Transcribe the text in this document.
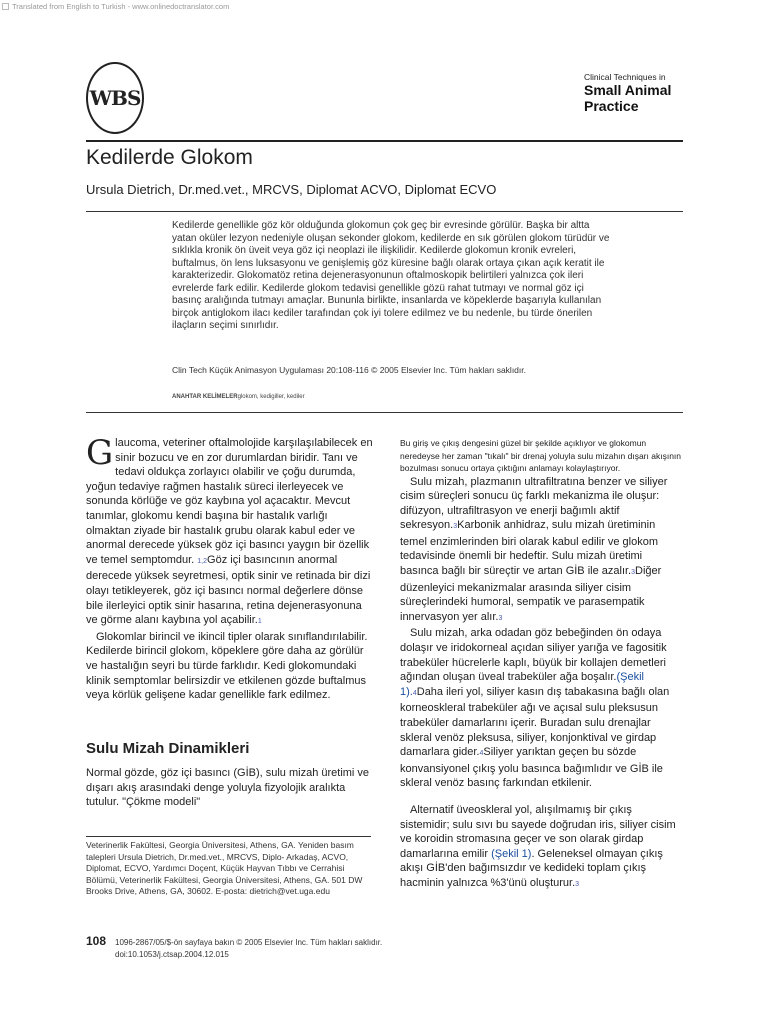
Translated from English to Turkish - www.onlinedoctranslator.com
WBS
Clinical Techniques in
Small Animal
Practice
Kedilerde Glokom
Ursula Dietrich, Dr.med.vet., MRCVS, Diplomat ACVO, Diplomat ECVO
Kedilerde genellikle göz kör olduğunda glokomun çok geç bir evresinde görülür. Başka bir altta yatan oküler lezyon nedeniyle oluşan sekonder glokom, kedilerde en sık görülen glokom türüdür ve sıklıkla kronik ön üveit veya göz içi neoplazi ile ilişkilidir. Kedilerde glokomun kronik evreleri, buftalmus, ön lens luksasyonu ve genişlemiş göz küresine bağlı olarak ortaya çıkan açık keratit ile karakterizedir. Glokomatöz retina dejenerasyonunun oftalmoskopik belirtileri yalnızca çok ileri evrelerde fark edilir. Kedilerde glokom tedavisi genellikle gözü rahat tutmayı ve normal göz içi basınç aralığında tutmayı amaçlar. Bununla birlikte, insanlarda ve köpeklerde başarıyla kullanılan birçok antiglokom ilacı kediler tarafından çok iyi tolere edilmez ve bu nedenle, bu türde önerilen ilaçların seçimi sınırlıdır.
Clin Tech Küçük Animasyon Uygulaması 20:108-116 © 2005 Elsevier Inc. Tüm hakları saklıdır.
ANAHTAR KELİMELERglokom, kedigiller, kediler

Glaucoma, veteriner oftalmolojide karşılaşılabilecek en sinir bozucu ve en zor durumlardan biridir. Tanı ve tedavi oldukça zorlayıcı olabilir ve çoğu durumda, yoğun tedaviye rağmen hastalık süreci ilerleyecek ve sonunda körlüğe ve göz kaybına yol açacaktır. Mevcut tanımlar, glokomu kendi başına bir hastalık varlığı olmaktan ziyade bir hastalık grubu olarak kabul eder ve anormal derecede yüksek göz içi basıncı yaygın bir özellik ve temel semptomdur. 1,2Göz içi basıncının anormal derecede yüksek seyretmesi, optik sinir ve retinada bir dizi olayı tetikleyerek, göz içi basıncı normal değerlere dönse bile ilerleyici optik sinir hasarına, retina dejenerasyonuna ve görme alanı kaybına yol açabilir.1

Glokomlar birincil ve ikincil tipler olarak sınıflandırılabilir. Kedilerde birincil glokom, köpeklere göre daha az görülür ve hastalığın seyri bu türde farklıdır. Kedi glokomundaki klinik semptomlar belirsizdir ve etkilenen gözde buftalmus veya körlük gelişene kadar genellikle fark edilmez.

Sulu Mizah Dinamikleri
Normal gözde, göz içi basıncı (GİB), sulu mizah üretimi ve dışarı akış arasındaki denge yoluyla fizyolojik aralıkta tutulur. "Çökme modeli"
Veterinerlik Fakültesi, Georgia Üniversitesi, Athens, GA. Yeniden basım talepleri Ursula Dietrich, Dr.med.vet., MRCVS, Diplo- Arkadaş, ACVO, Diplomat, ECVO, Yardımcı Doçent, Küçük Hayvan Tıbbı ve Cerrahisi Bölümü, Veterinerlik Fakültesi, Georgia Üniversitesi, Athens, GA. 501 DW Brooks Drive, Athens, GA, 30602. E-posta: dietrich@vet.uga.edu

Bu giriş ve çıkış dengesini güzel bir şekilde açıklıyor ve glokomun neredeyse her zaman "tıkalı" bir drenaj yoluyla sulu mizahın dışarı akışının bozulması sonucu ortaya çıktığını anlamayı kolaylaştırıyor.

Sulu mizah, plazmanın ultrafiltratına benzer ve siliyer cisim süreçleri sonucu üç farklı mekanizma ile oluşur: difüzyon, ultrafiltrasyon ve enerji bağımlı aktif sekresyon.3Karbonik anhidraz, sulu mizah üretiminin temel enzimlerinden biri olarak kabul edilir ve glokom tedavisinde önemli bir hedeftir. Sulu mizah üretimi basınca bağlı bir süreçtir ve artan GİB ile azalır.3Diğer düzenleyici mekanizmalar arasında siliyer cisim süreçlerindeki humoral, sempatik ve parasempatik innervasyon yer alır.3

Sulu mizah, arka odadan göz bebeğinden ön odaya dolaşır ve iridokorneal açıdan siliyer yarığa ve fagositik trabeküler hücrelerle kaplı, büyük bir kollajen demetleri ağından oluşan üveal trabeküler ağa boşalır.(Şekil 1).4Daha ileri yol, siliyer kasın dış tabakasına bağlı olan korneoskleral trabeküler ağı ve açısal sulu pleksusun trabeküler damarlarını içerir. Buradan sulu drenajlar skleral venöz pleksusa, siliyer, konjonktival ve girdap damarlara gider.4Siliyer yarıktan geçen bu sözde konvansiyonel çıkış yolu basınca bağımlıdır ve GİB ile skleral venöz basınç farkından etkilenir.

Alternatif üveoskleral yol, alışılmamış bir çıkış sistemidir; sulu sıvı bu sayede doğrudan iris, siliyer cisim ve koroidin stromasına geçer ve son olarak girdap damarlarına emilir (Şekil 1). Geleneksel olmayan çıkış akışı GİB'den bağımsızdır ve kedideki toplam çıkış hacminin yalnızca %3'ünü oluşturur.3

108 1096-2867/05/$-ön sayfaya bakın © 2005 Elsevier Inc. Tüm hakları saklıdır.
doi:10.1053/j.ctsap.2004.12.015
